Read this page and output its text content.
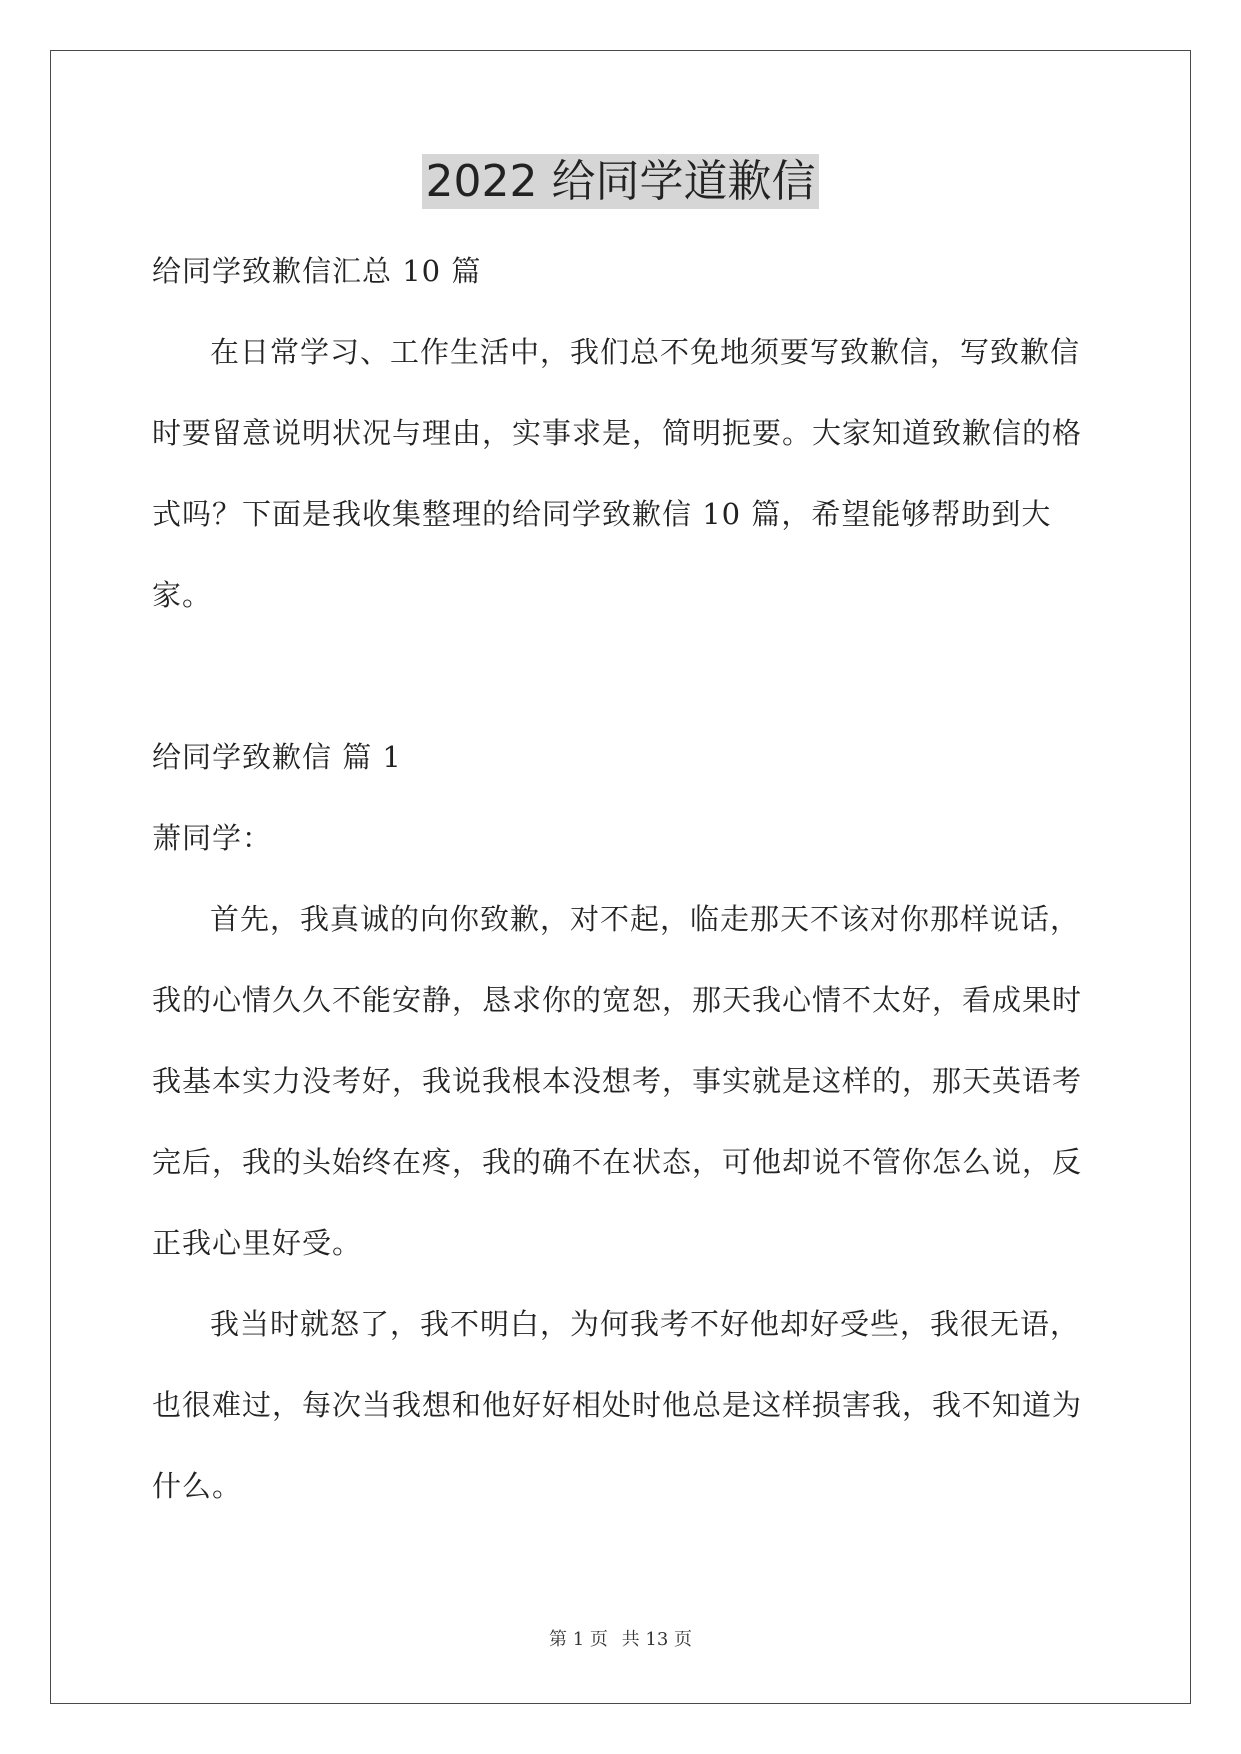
2022 给同学道歉信

给同学致歉信汇总 10 篇

在日常学习、工作生活中，我们总不免地须要写致歉信，写致歉信时要留意说明状况与理由，实事求是，简明扼要。大家知道致歉信的格式吗？下面是我收集整理的给同学致歉信 10 篇，希望能够帮助到大家。

给同学致歉信 篇 1

萧同学：

首先，我真诚的向你致歉，对不起，临走那天不该对你那样说话，我的心情久久不能安静，恳求你的宽恕，那天我心情不太好，看成果时我基本实力没考好，我说我根本没想考，事实就是这样的，那天英语考完后，我的头始终在疼，我的确不在状态，可他却说不管你怎么说，反正我心里好受。

我当时就怒了，我不明白，为何我考不好他却好受些，我很无语，也很难过，每次当我想和他好好相处时他总是这样损害我，我不知道为什么。

第 1 页 共 13 页
